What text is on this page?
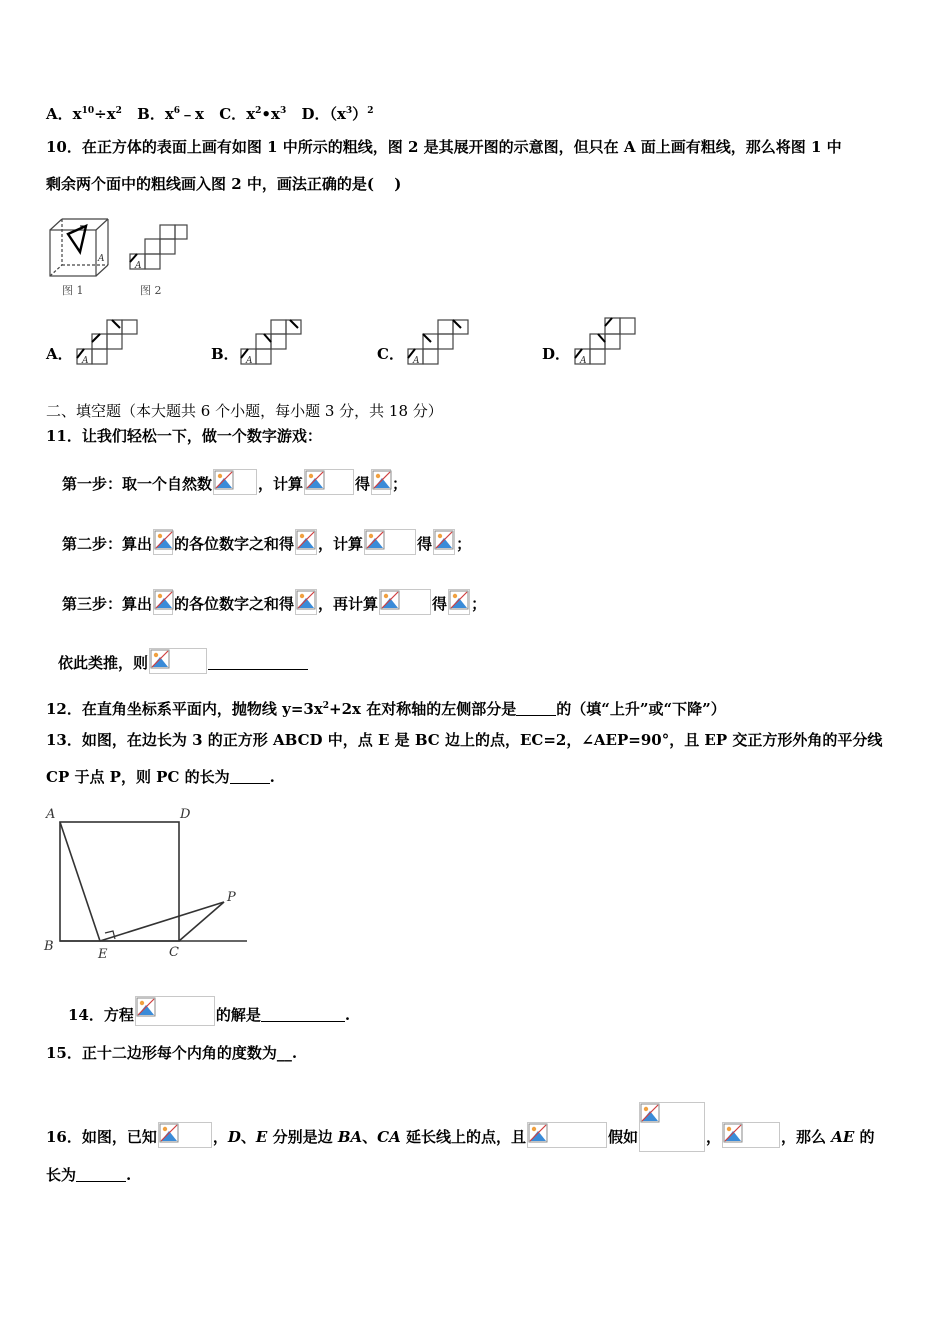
A．$x^{10}\div x^2$ B．$x^6﹣x$ C．$x^2•x^3$ D．$(x^3)^2$
10．在正方体的表面上画有如图 1 中所示的粗线，图 2 是其展开图的示意图，但只在 A 面上画有粗线，那么将图 1 中
剩余两个面中的粗线画入图 2 中，画法正确的是(　 )
A
图 1
A
图 2
A． A	B． A	C． A	D． A
二、填空题（本大题共 6 个小题，每小题 3 分，共 18 分）
11．让我们轻松一下，做一个数字游戏：
第一步：取一个自然数	，计算	得 ；
第二步：算出 的各位数字之和得 ，计算	得 ；
第三步：算出 的各位数字之和得 ，再计算	得 ；
依此类推，则
12．在直角坐标系平面内，抛物线 $y=3x^2+2x$ 在对称轴的左侧部分是	的（填“上升”或“下降”）
13．如图，在边长为 3 的正方形 ABCD 中，点 E 是 BC 边上的点，EC=2，∠AEP=90°，且 EP 交正方形外角的平分线
CP 于点 P，则 PC 的长为	.
A	D
B
E	C
P
14．方程	的解是	.
15．正十二边形每个内角的度数为__.
16．如图，已知	，D、E 分别是边 BA、CA 延长线上的点，且	假如	，	，那么 AE 的
长为	.
